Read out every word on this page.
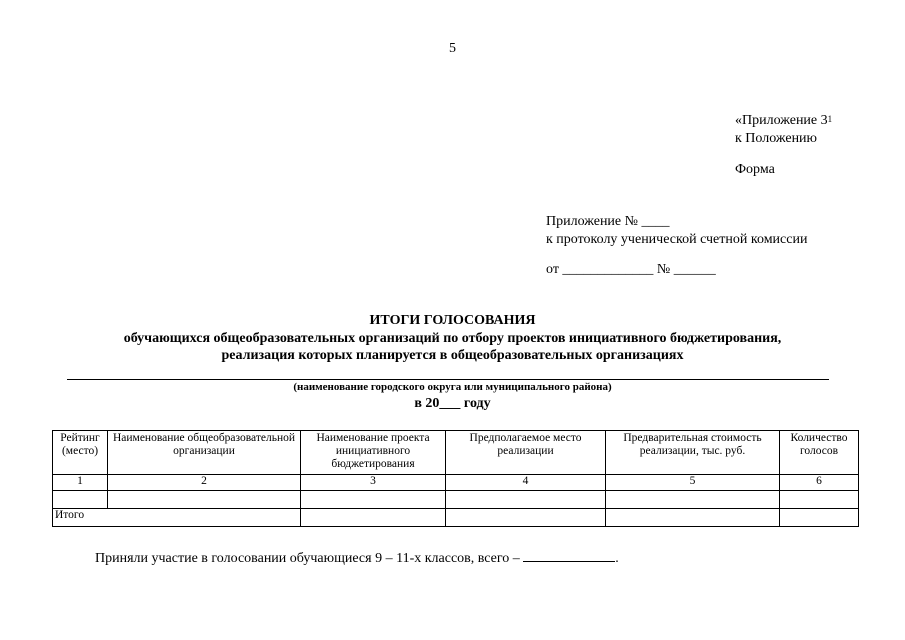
5
«Приложение $3^1$
к Положению
Форма
Приложение № ____
к протоколу ученической счетной комиссии
от _____________ № ______
ИТОГИ ГОЛОСОВАНИЯ
обучающихся общеобразовательных организаций по отбору проектов инициативного бюджетирования,
реализация которых планируется в общеобразовательных организациях
(наименование городского округа или муниципального района)
в 20___ году
Рейтинг (место)	Наименование общеобразовательной организации	Наименование проекта инициативного бюджетирования	Предполагаемое место реализации	Предварительная стоимость реализации, тыс. руб.	Количество голосов
1	2	3	4	5	6

Итого					
Приняли участие в голосовании обучающиеся 9 – 11-х классов, всего –	.
